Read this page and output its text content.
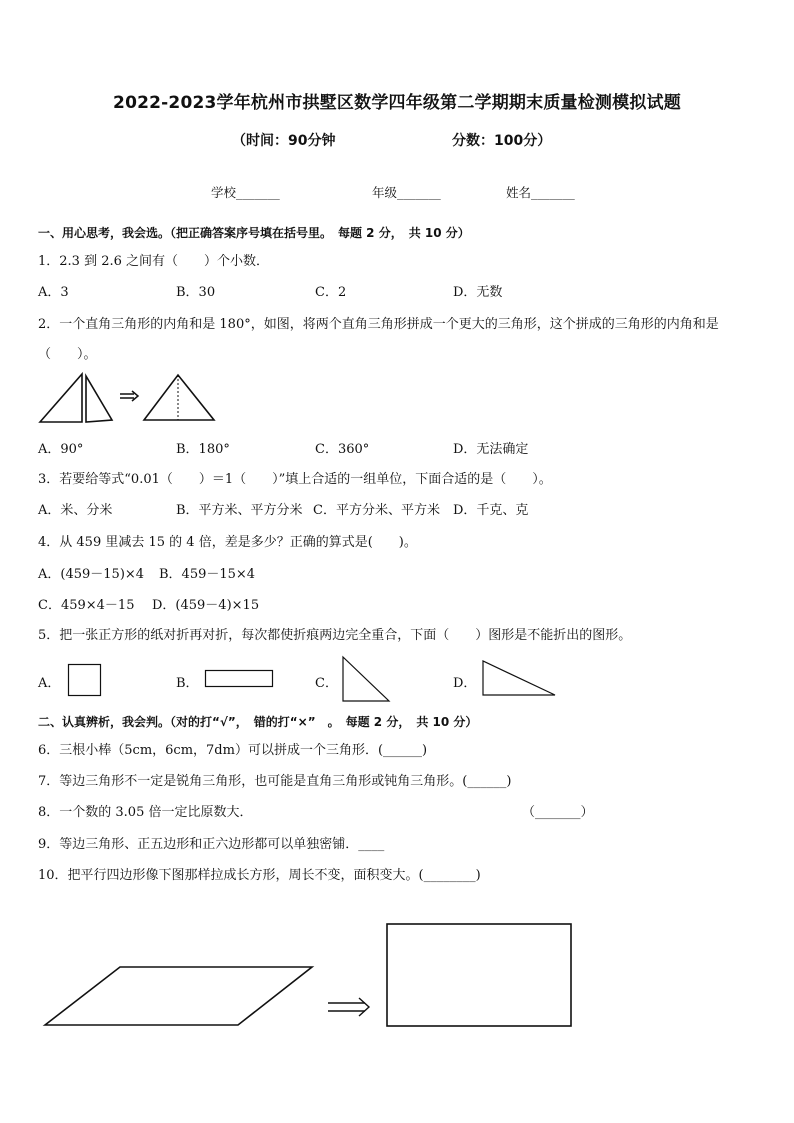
2022-2023学年杭州市拱墅区数学四年级第二学期期末质量检测模拟试题
（时间：90分钟	分数：100分）
学校_______	年级_______	姓名_______
一、用心思考，我会选。（把正确答案序号填在括号里。　每题 2 分，　共 10 分）
1．2.3 到 2.6 之间有（　　）个小数．
A．3	B．30	C．2	D．无数
2．一个直角三角形的内角和是 180°，如图，将两个直角三角形拼成一个更大的三角形，这个拼成的三角形的内角和是
（　　）。
A．90°	B．180°	C．360°	D．无法确定
3．若要给等式“0.01（　　）＝1（　　）”填上合适的一组单位，下面合适的是（　　）。
A．米、分米	B．平方米、平方分米 C．平方分米、平方米 D．千克、克
4．从 459 里减去 15 的 4 倍，差是多少？正确的算式是(　　)。
A．(459－15)×4 B．459－15×4
C．459×4－15 D．(459－4)×15
5．把一张正方形的纸对折再对折，每次都使折痕两边完全重合，下面（　　）图形是不能折出的图形。
A．	B．	C．	D．
二、认真辨析，我会判。（对的打“√”，　错的打“×”　。　每题 2 分，　共 10 分）
6．三根小棒（5cm，6cm，7dm）可以拼成一个三角形．(______)
7．等边三角形不一定是锐角三角形，也可能是直角三角形或钝角三角形。(______)
8．一个数的 3.05 倍一定比原数大．	（_______）
9．等边三角形、正五边形和正六边形都可以单独密铺．____
10．把平行四边形像下图那样拉成长方形，周长不变，面积变大。(________)
